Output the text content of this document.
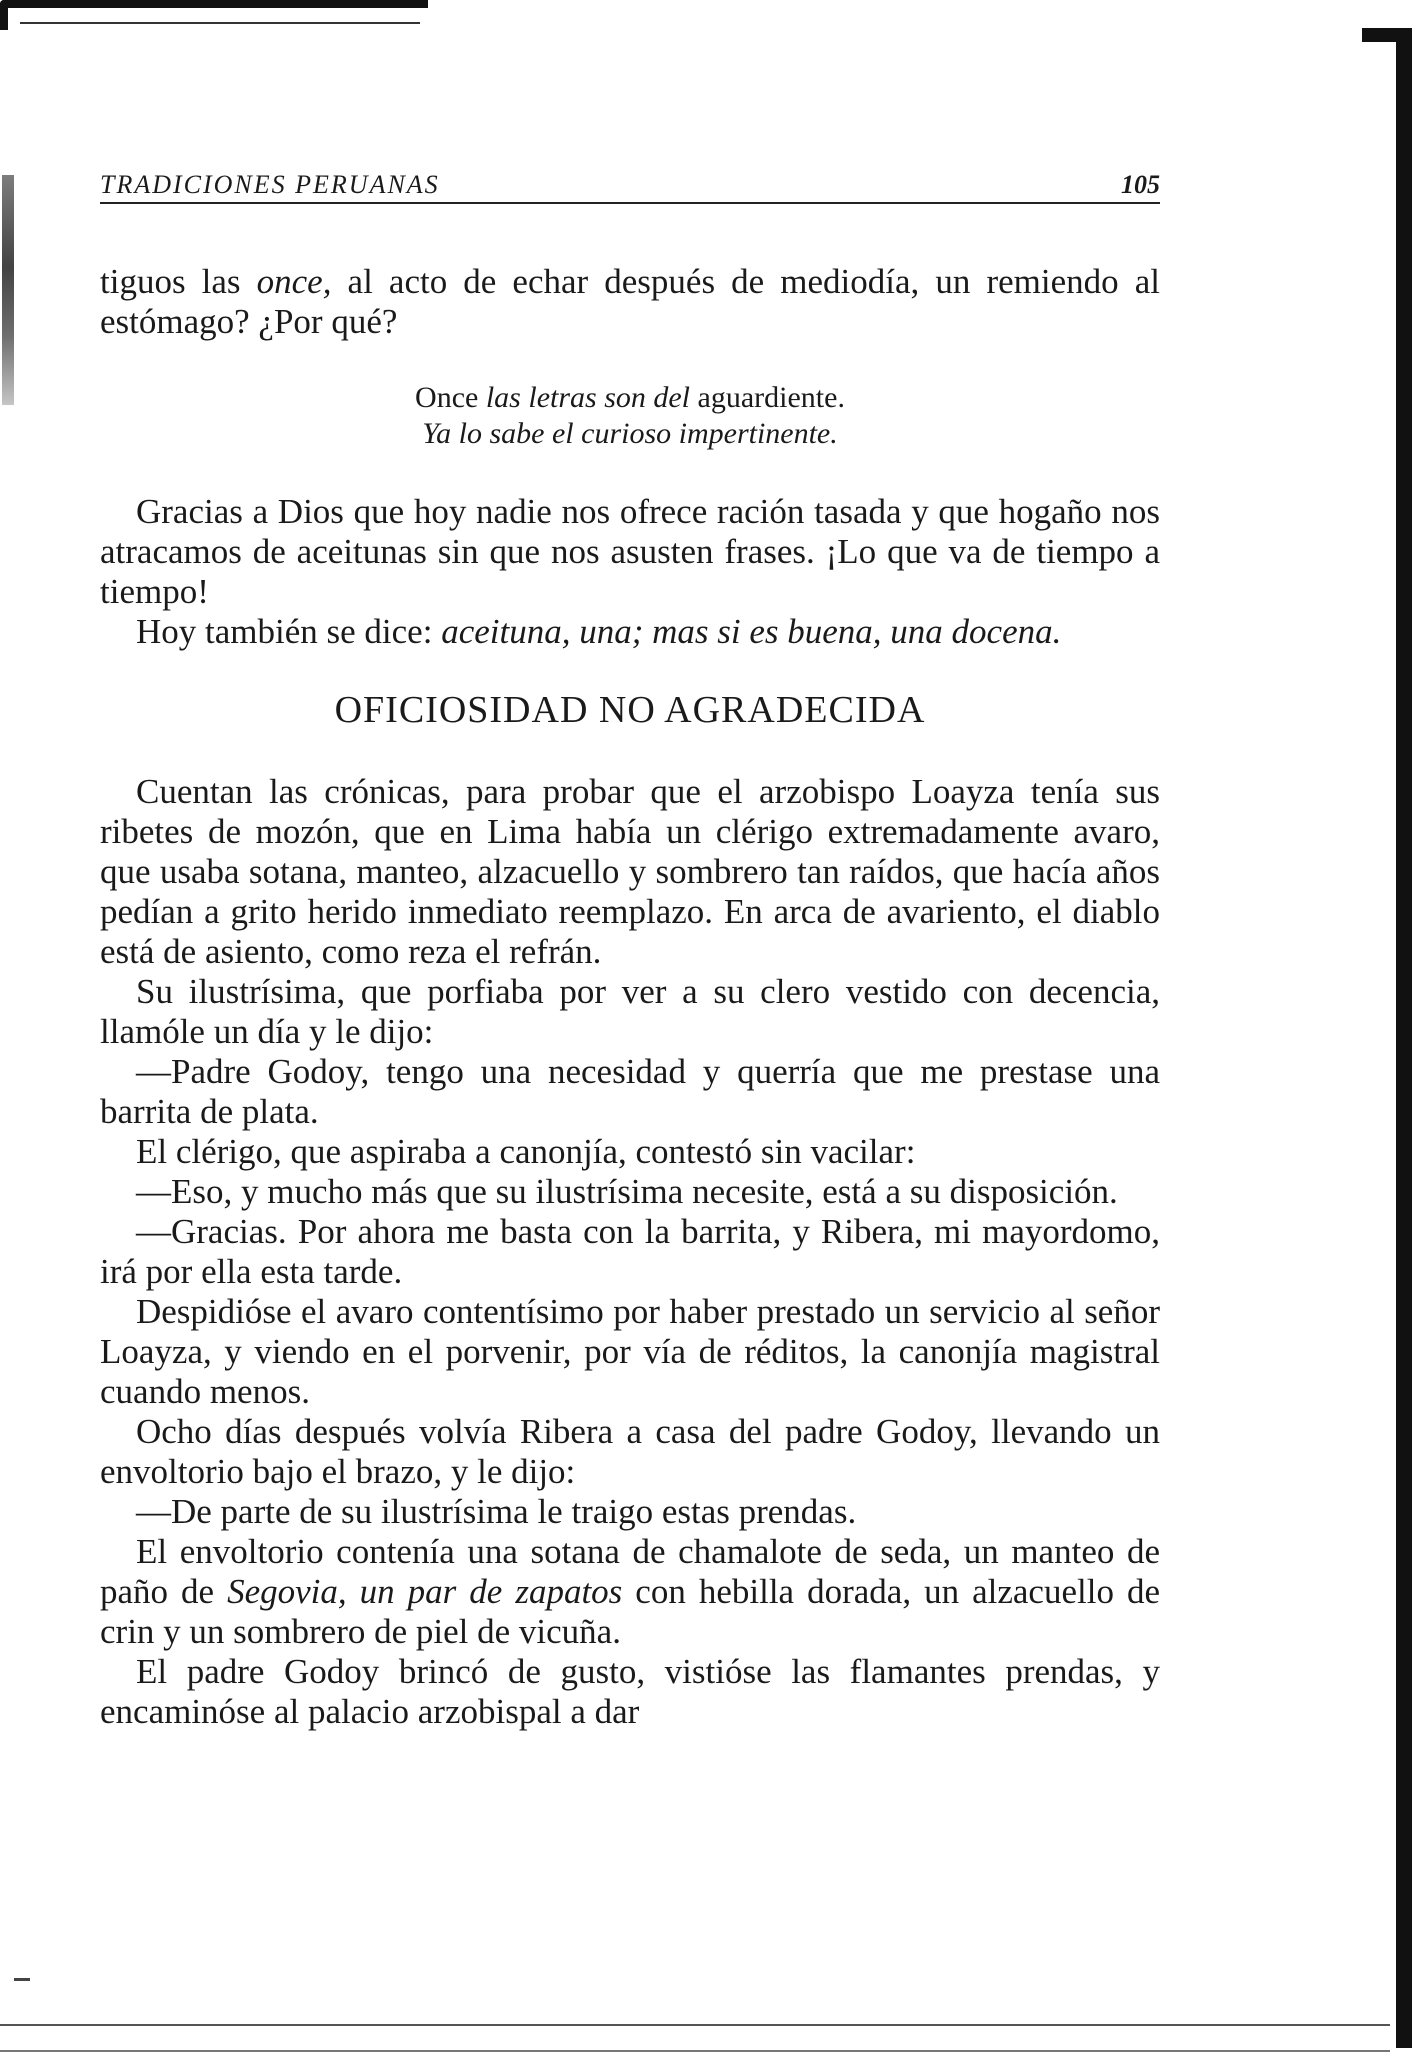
TRADICIONES PERUANAS	105

tiguos las once, al acto de echar después de mediodía, un remiendo al estómago? ¿Por qué?

Once las letras son del aguardiente.
Ya lo sabe el curioso impertinente.

Gracias a Dios que hoy nadie nos ofrece ración tasada y que hogaño nos atracamos de aceitunas sin que nos asusten frases. ¡Lo que va de tiempo a tiempo!

Hoy también se dice: aceituna, una; mas si es buena, una docena.

OFICIOSIDAD NO AGRADECIDA

Cuentan las crónicas, para probar que el arzobispo Loayza tenía sus ribetes de mozón, que en Lima había un clérigo extremadamente avaro, que usaba sotana, manteo, alzacuello y sombrero tan raídos, que hacía años pedían a grito herido inmediato reemplazo. En arca de avariento, el diablo está de asiento, como reza el refrán.

Su ilustrísima, que porfiaba por ver a su clero vestido con decencia, llamóle un día y le dijo:

—Padre Godoy, tengo una necesidad y querría que me prestase una barrita de plata.

El clérigo, que aspiraba a canonjía, contestó sin vacilar:

—Eso, y mucho más que su ilustrísima necesite, está a su disposición.

—Gracias. Por ahora me basta con la barrita, y Ribera, mi mayordomo, irá por ella esta tarde.

Despidióse el avaro contentísimo por haber prestado un servicio al señor Loayza, y viendo en el porvenir, por vía de réditos, la canonjía magistral cuando menos.

Ocho días después volvía Ribera a casa del padre Godoy, llevando un envoltorio bajo el brazo, y le dijo:

—De parte de su ilustrísima le traigo estas prendas.

El envoltorio contenía una sotana de chamalote de seda, un manteo de paño de Segovia, un par de zapatos con hebilla dorada, un alzacuello de crin y un sombrero de piel de vicuña.

El padre Godoy brincó de gusto, vistióse las flamantes prendas, y encaminóse al palacio arzobispal a dar
